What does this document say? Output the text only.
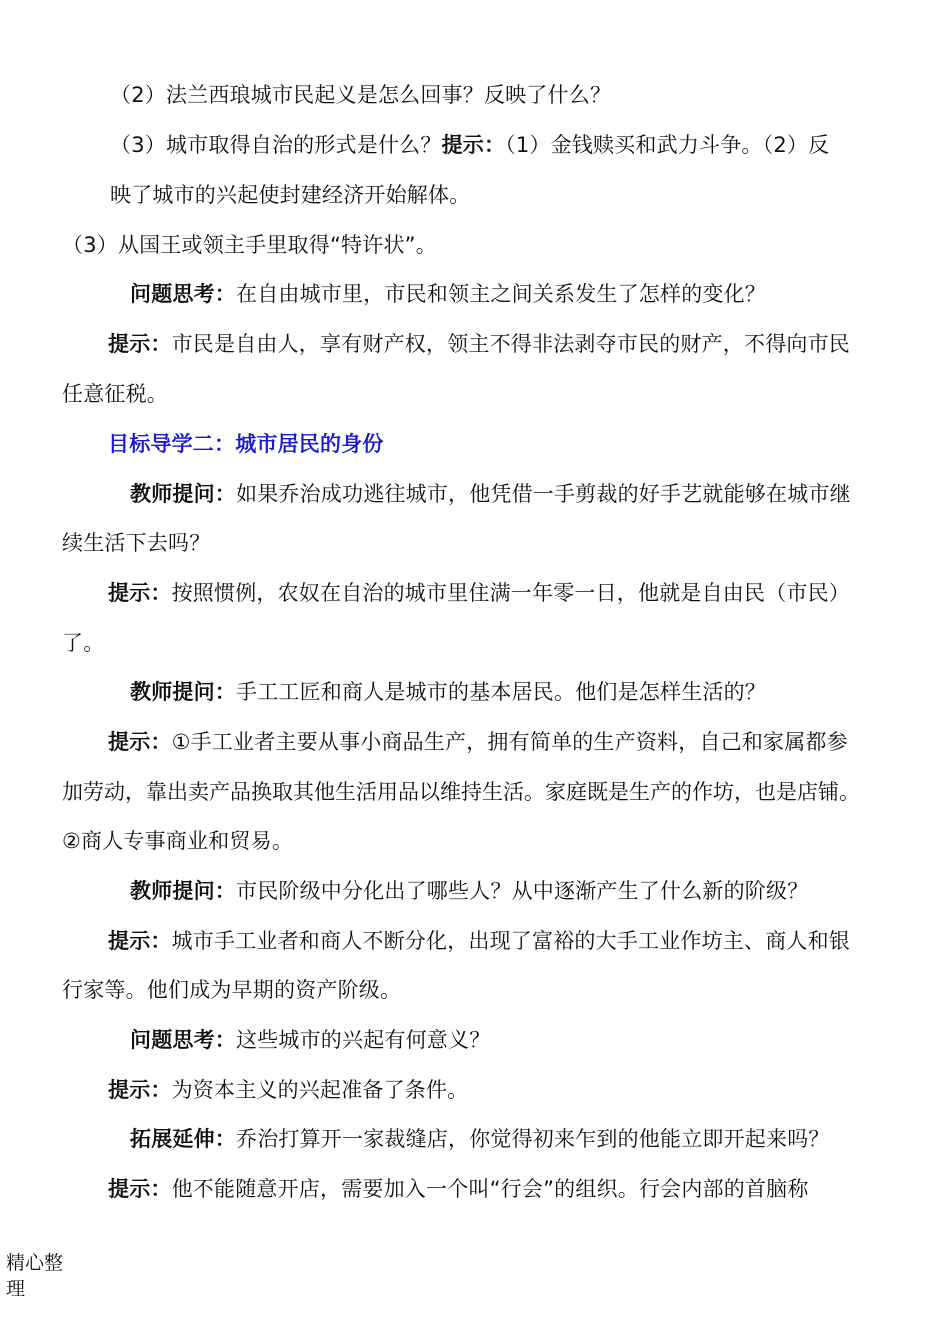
（2）法兰西琅城市民起义是怎么回事？反映了什么？
（3）城市取得自治的形式是什么？提示：（1）金钱赎买和武力斗争。（2）反
映了城市的兴起使封建经济开始解体。
（3）从国王或领主手里取得“特许状”。
问题思考：在自由城市里，市民和领主之间关系发生了怎样的变化？
提示：市民是自由人，享有财产权，领主不得非法剥夺市民的财产，不得向市民
任意征税。
目标导学二：城市居民的身份
教师提问：如果乔治成功逃往城市，他凭借一手剪裁的好手艺就能够在城市继
续生活下去吗？
提示：按照惯例，农奴在自治的城市里住满一年零一日，他就是自由民（市民）
了。
教师提问：手工工匠和商人是城市的基本居民。他们是怎样生活的？
提示：①手工业者主要从事小商品生产，拥有简单的生产资料，自己和家属都参
加劳动，靠出卖产品换取其他生活用品以维持生活。家庭既是生产的作坊，也是店铺。
②商人专事商业和贸易。
教师提问：市民阶级中分化出了哪些人？从中逐渐产生了什么新的阶级？
提示：城市手工业者和商人不断分化，出现了富裕的大手工业作坊主、商人和银
行家等。他们成为早期的资产阶级。
问题思考：这些城市的兴起有何意义？
提示：为资本主义的兴起准备了条件。
拓展延伸：乔治打算开一家裁缝店，你觉得初来乍到的他能立即开起来吗？
提示：他不能随意开店，需要加入一个叫“行会”的组织。行会内部的首脑称
精心整理
